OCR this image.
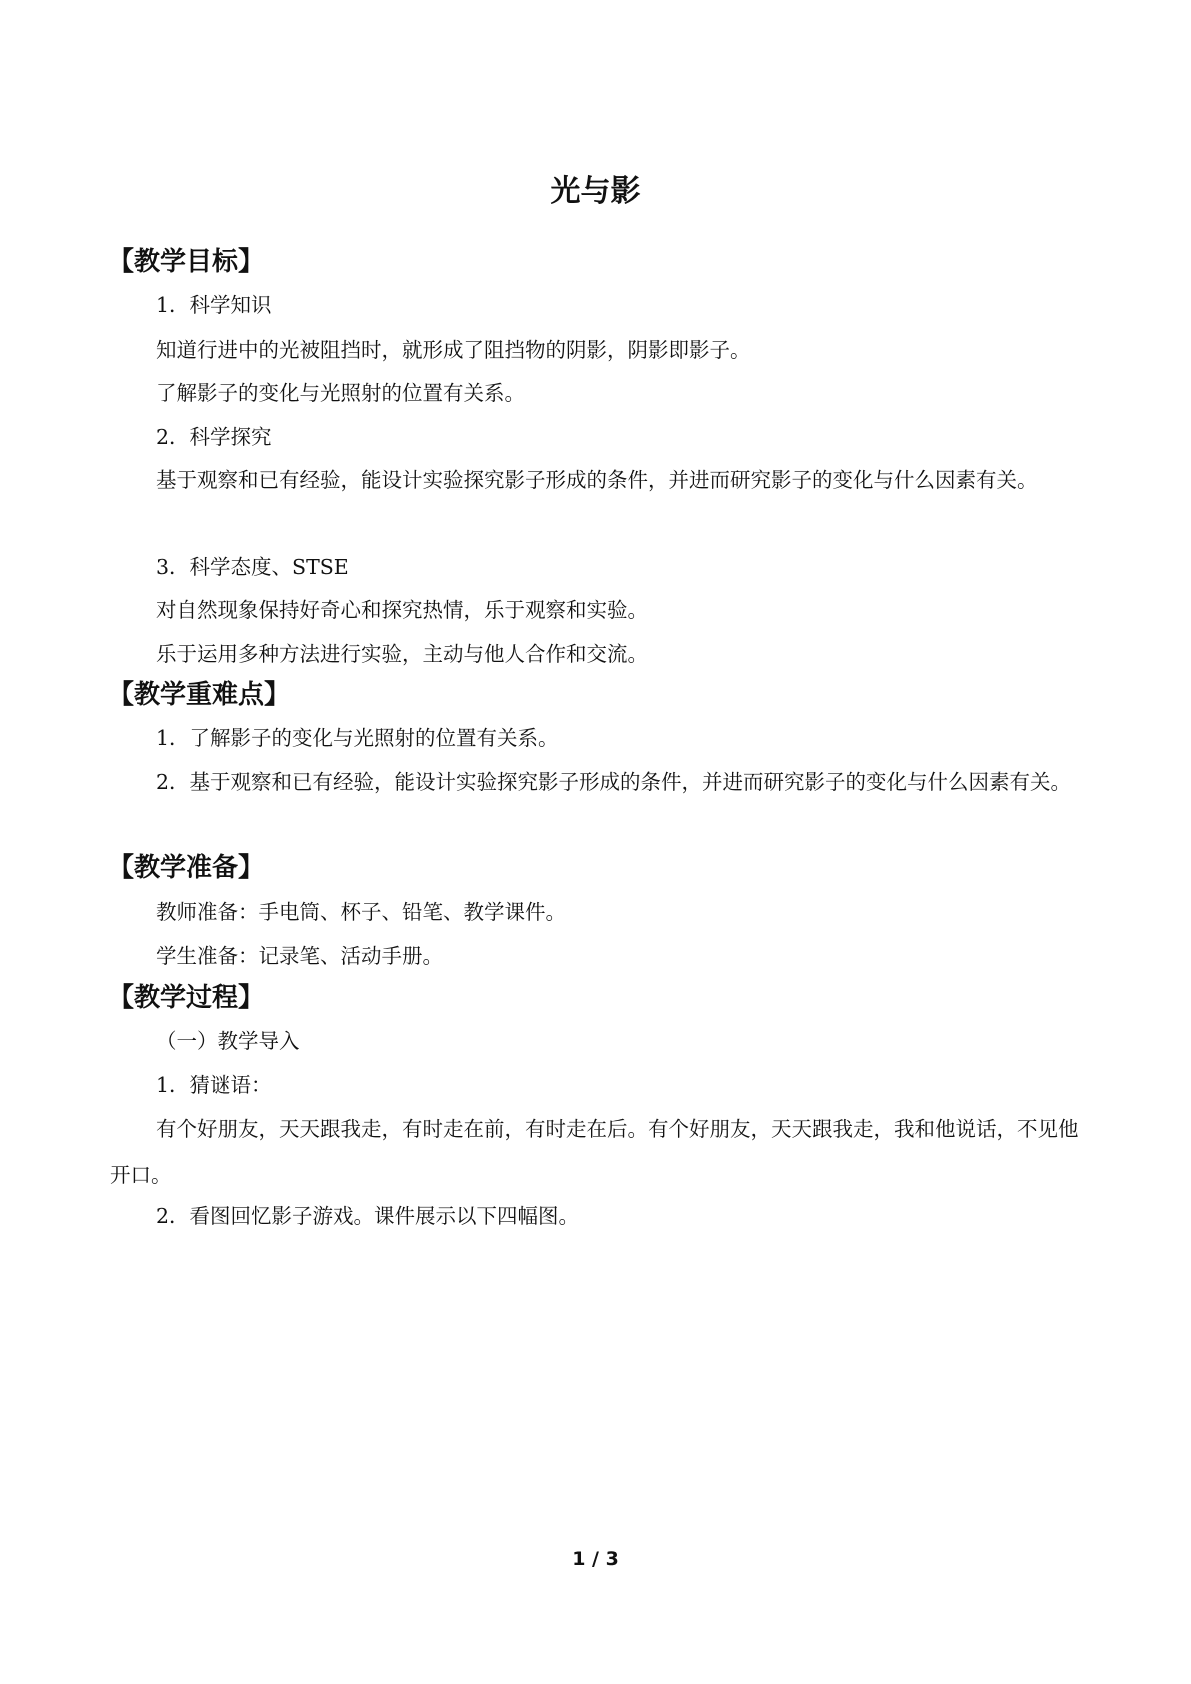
光与影
【教学目标】
1．科学知识
知道行进中的光被阻挡时，就形成了阻挡物的阴影，阴影即影子。
了解影子的变化与光照射的位置有关系。
2．科学探究
基于观察和已有经验，能设计实验探究影子形成的条件，并进而研究影子的变化与什么因素有关。
3．科学态度、STSE
对自然现象保持好奇心和探究热情，乐于观察和实验。
乐于运用多种方法进行实验，主动与他人合作和交流。
【教学重难点】
1．了解影子的变化与光照射的位置有关系。
2．基于观察和已有经验，能设计实验探究影子形成的条件，并进而研究影子的变化与什么因素有关。
【教学准备】
教师准备：手电筒、杯子、铅笔、教学课件。
学生准备：记录笔、活动手册。
【教学过程】
（一）教学导入
1．猜谜语：
有个好朋友，天天跟我走，有时走在前，有时走在后。有个好朋友，天天跟我走，我和他说话，不见他开口。
2．看图回忆影子游戏。课件展示以下四幅图。
1 / 3
